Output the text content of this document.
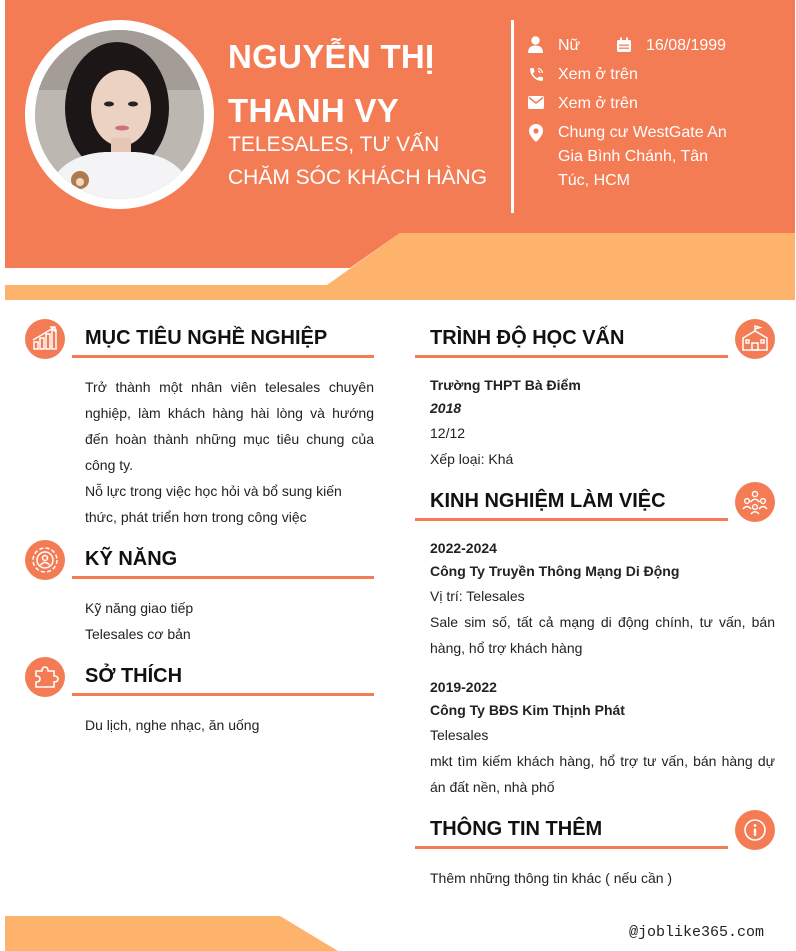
NGUYỄN THỊ
THANH VY
TELESALES, TƯ VẤN
CHĂM SÓC KHÁCH HÀNG
Nữ	16/08/1999
Xem ở trên
Xem ở trên
Chung cư WestGate An Gia Bình Chánh, Tân Túc, HCM
MỤC TIÊU NGHỀ NGHIỆP
Trở thành một nhân viên telesales chuyên nghiệp, làm khách hàng hài lòng và hướng đến hoàn thành những mục tiêu chung của công ty.
Nỗ lực trong việc học hỏi và bổ sung kiến thức, phát triển hơn trong công việc
KỸ NĂNG
Kỹ năng giao tiếp
Telesales cơ bản
SỞ THÍCH
Du lịch, nghe nhạc, ăn uống
TRÌNH ĐỘ HỌC VẤN
Trường THPT Bà Điểm
2018
12/12
Xếp loại: Khá
KINH NGHIỆM LÀM VIỆC
2022-2024
Công Ty Truyền Thông Mạng Di Động
Vị trí: Telesales
Sale sim số, tất cả mạng di động chính, tư vấn, bán hàng, hổ trợ khách hàng
2019-2022
Công Ty BĐS Kim Thịnh Phát
Telesales
mkt tìm kiếm khách hàng, hổ trợ tư vấn, bán hàng dự án đất nền, nhà phố
THÔNG TIN THÊM
Thêm những thông tin khác ( nếu cần )
@joblike365.com
